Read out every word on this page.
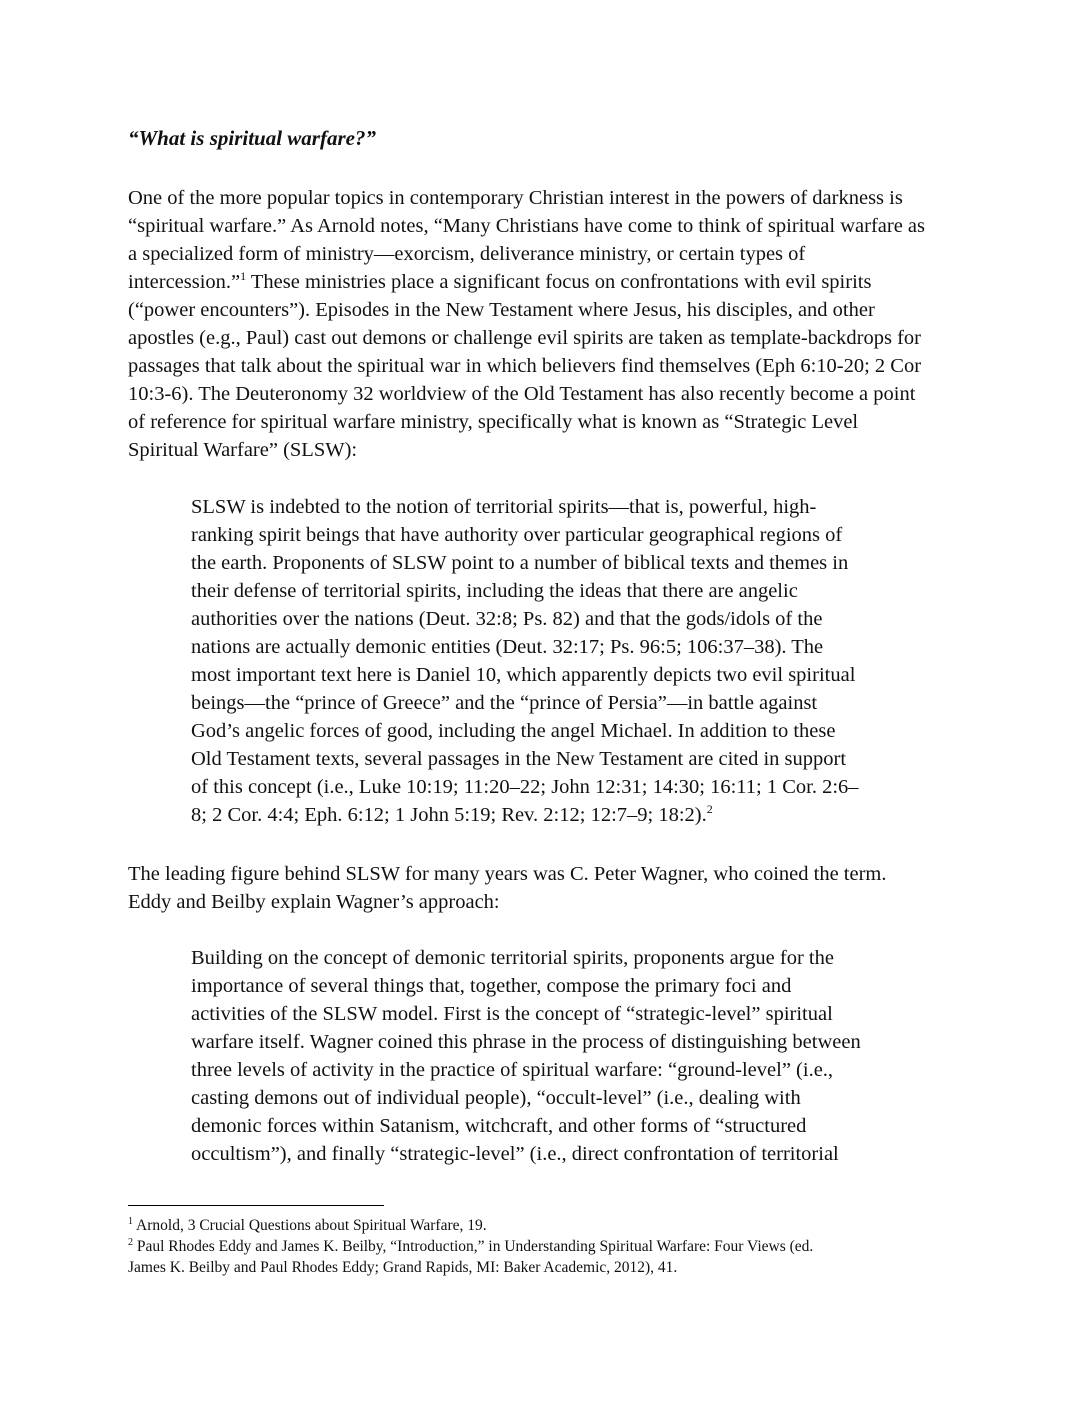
“What is spiritual warfare?”
One of the more popular topics in contemporary Christian interest in the powers of darkness is
“spiritual warfare.” As Arnold notes, “Many Christians have come to think of spiritual warfare as
a specialized form of ministry—exorcism, deliverance ministry, or certain types of
intercession.”$^1$ These ministries place a significant focus on confrontations with evil spirits
(“power encounters”). Episodes in the New Testament where Jesus, his disciples, and other
apostles (e.g., Paul) cast out demons or challenge evil spirits are taken as template-backdrops for
passages that talk about the spiritual war in which believers find themselves (Eph 6:10-20; 2 Cor
10:3-6). The Deuteronomy 32 worldview of the Old Testament has also recently become a point
of reference for spiritual warfare ministry, specifically what is known as “Strategic Level
Spiritual Warfare” (SLSW):
SLSW is indebted to the notion of territorial spirits—that is, powerful, high-
ranking spirit beings that have authority over particular geographical regions of
the earth. Proponents of SLSW point to a number of biblical texts and themes in
their defense of territorial spirits, including the ideas that there are angelic
authorities over the nations (Deut. 32:8; Ps. 82) and that the gods/idols of the
nations are actually demonic entities (Deut. 32:17; Ps. 96:5; 106:37–38). The
most important text here is Daniel 10, which apparently depicts two evil spiritual
beings—the “prince of Greece” and the “prince of Persia”—in battle against
God’s angelic forces of good, including the angel Michael. In addition to these
Old Testament texts, several passages in the New Testament are cited in support
of this concept (i.e., Luke 10:19; 11:20–22; John 12:31; 14:30; 16:11; 1 Cor. 2:6–
8; 2 Cor. 4:4; Eph. 6:12; 1 John 5:19; Rev. 2:12; 12:7–9; 18:2).$^2$
The leading figure behind SLSW for many years was C. Peter Wagner, who coined the term.
Eddy and Beilby explain Wagner’s approach:
Building on the concept of demonic territorial spirits, proponents argue for the
importance of several things that, together, compose the primary foci and
activities of the SLSW model. First is the concept of “strategic-level” spiritual
warfare itself. Wagner coined this phrase in the process of distinguishing between
three levels of activity in the practice of spiritual warfare: “ground-level” (i.e.,
casting demons out of individual people), “occult-level” (i.e., dealing with
demonic forces within Satanism, witchcraft, and other forms of “structured
occultism”), and finally “strategic-level” (i.e., direct confrontation of territorial
$^1$ Arnold, 3 Crucial Questions about Spiritual Warfare, 19.
$^2$ Paul Rhodes Eddy and James K. Beilby, “Introduction,” in Understanding Spiritual Warfare: Four Views (ed.
James K. Beilby and Paul Rhodes Eddy; Grand Rapids, MI: Baker Academic, 2012), 41.
